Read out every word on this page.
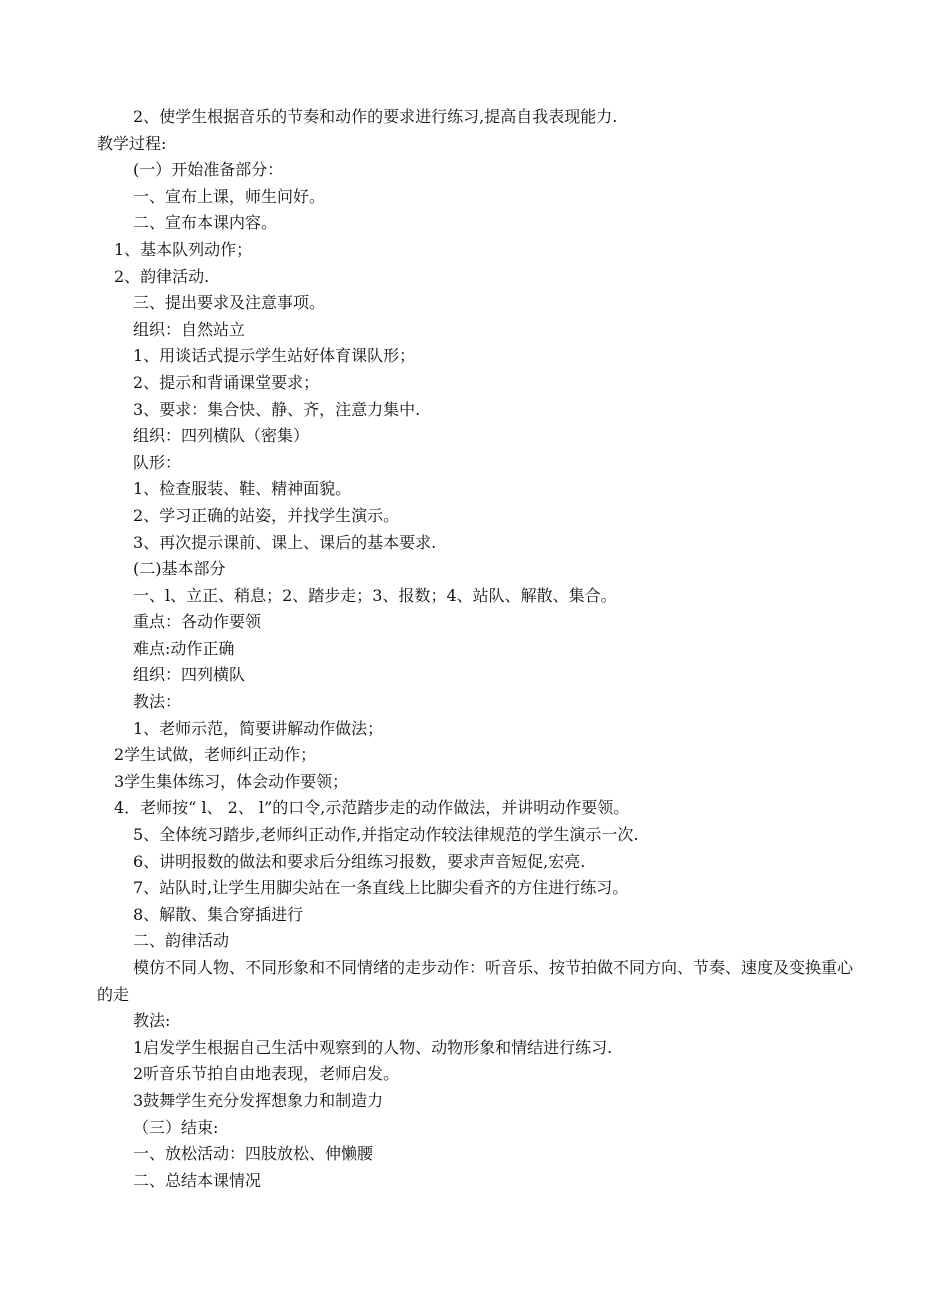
2、使学生根据音乐的节奏和动作的要求进行练习,提高自我表现能力.
教学过程:
(一）开始准备部分：
一、宣布上课，师生问好。
二、宣布本课内容。
1、基本队列动作；
2、韵律活动.
三、提出要求及注意事项。
组织：自然站立
1、用谈话式提示学生站好体育课队形；
2、提示和背诵课堂要求；
3、要求：集合快、静、齐，注意力集中.
组织：四列横队（密集）
队形：
1、检查服装、鞋、精神面貌。
2、学习正确的站姿，并找学生演示。
3、再次提示课前、课上、课后的基本要求.
(二)基本部分
一、l、立正、稍息；2、踏步走；3、报数；4、站队、解散、集合。
重点：各动作要领
难点:动作正确
组织：四列横队
教法：
1、老师示范，简要讲解动作做法；
2学生试做，老师纠正动作；
3学生集体练习，体会动作要领；
4．老师按“ l、 2、 l”的口令,示范踏步走的动作做法，并讲明动作要领。
5、全体统习踏步,老师纠正动作,并指定动作较法律规范的学生演示一次.
6、讲明报数的做法和要求后分组练习报数，要求声音短促,宏亮.
7、站队时,让学生用脚尖站在一条直线上比脚尖看齐的方住进行练习。
8、解散、集合穿插进行
二、韵律活动
模仿不同人物、不同形象和不同情绪的走步动作：听音乐、按节拍做不同方向、节奏、速度及变换重心的走
教法:
1启发学生根据自己生活中观察到的人物、动物形象和情结进行练习.
2听音乐节拍自由地表现，老师启发。
3鼓舞学生充分发挥想象力和制造力
（三）结束:
一、放松活动：四肢放松、伸懒腰
二、总结本课情况
